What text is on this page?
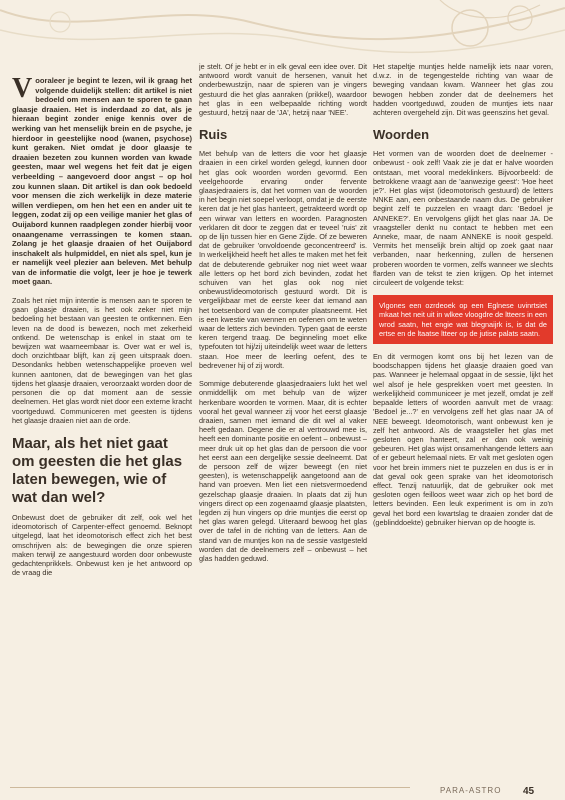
Vooraleer je begint te lezen, wil ik graag het volgende duidelijk stellen: dit artikel is niet bedoeld om mensen aan te sporen te gaan glaasje draaien. Het is inderdaad zo dat, als je hieraan begint zonder enige kennis over de werking van het menselijk brein en de psyche, je hierdoor in geestelijke nood (wanen, psychose) kunt geraken. Niet omdat je door glaasje te draaien bezeten zou kunnen worden van kwade geesten, maar wel wegens het feit dat je eigen verbeelding – aangevoerd door angst – op hol zou kunnen slaan. Dit artikel is dan ook bedoeld voor mensen die zich werkelijk in deze materie willen verdiepen, om hen het een en ander uit te leggen, zodat zij op een veilige manier het glas of Ouijabord kunnen raadplegen zonder hierbij voor onaangename verrassingen te komen staan. Zolang je het glaasje draaien of het Ouijabord inschakelt als hulpmiddel, en niet als spel, kun je er namelijk veel plezier aan beleven. Met behulp van de informatie die volgt, leer je hoe je tewerk moet gaan.

Zoals het niet mijn intentie is mensen aan te sporen te gaan glaasje draaien, is het ook zeker niet mijn bedoeling het bestaan van geesten te ontkennen. Een leven na de dood is bewezen, noch met zekerheid ontkend. De wetenschap is enkel in staat om te bewijzen wat waarneembaar is. Over wat er wel is, doch onzichtbaar blijft, kan zij geen uitspraak doen. Desondanks hebben wetenschappelijke proeven wel kunnen aantonen, dat de bewegingen van het glas tijdens het glaasje draaien, veroorzaakt worden door de personen die op dat moment aan de sessie deelnemen. Het glas wordt niet door een externe kracht voortgeduwd. Communiceren met geesten is tijdens het glaasje draaien niet aan de orde.

Maar, als het niet gaat om geesten die het glas laten bewegen, wie of wat dan wel?

Onbewust doet de gebruiker dit zelf, ook wel het ideomotorisch of Carpenter-effect genoemd. Beknopt uitgelegd, laat het ideomotorisch effect zich het best omschrijven als: de bewegingen die onze spieren maken terwijl ze aangestuurd worden door onbewuste gedachtenprikkels. Onbewust ken je het antwoord op de vraag die

je stelt. Of je hebt er in elk geval een idee over. Dit antwoord wordt vanuit de hersenen, vanuit het onderbewustzijn, naar de spieren van je vingers gestuurd die het glas aanraken (prikkel), waardoor het glas in een welbepaalde richting wordt gestuurd, hetzij naar de 'JA', hetzij naar 'NEE'.

Ruis

Met behulp van de letters die voor het glaasje draaien in een cirkel worden gelegd, kunnen door het glas ook woorden worden gevormd. Een veelgehoorde ervaring onder fervente glaasjedraaiers is, dat het vormen van de woorden in het begin niet soepel verloopt, omdat je de eerste keren dat je het glas hanteert, getrakteerd wordt op een wirwar van letters en woorden. Paragnosten verklaren dit door te zeggen dat er teveel 'ruis' zit op de lijn tussen hier en Gene Zijde. Of ze beweren dat de gebruiker 'onvoldoende geconcentreerd' is. In werkelijkheid heeft het alles te maken met het feit dat de debuterende gebruiker nog niet weet waar alle letters op het bord zich bevinden, zodat het schuiven van het glas ook nog niet onbewust/ideomotorisch gestuurd wordt. Dit is vergelijkbaar met de eerste keer dat iemand aan het toetsenbord van de computer plaatsneemt. Het is een kwestie van wennen en oefenen om te weten waar de letters zich bevinden. Typen gaat de eerste keren tergend traag. De beginneling moet elke typefouten tot hij/zij uiteindelijk weet waar de letters staan. Hoe meer de leerling oefent, des te bedrevener hij of zij wordt.

Sommige debuterende glaasjedraaiers lukt het wel onmiddellijk om met behulp van de wijzer herkenbare woorden te vormen. Maar, dit is echter vooral het geval wanneer zij voor het eerst glaasje draaien, samen met iemand die dit wel al vaker heeft gedaan. Degene die er al vertrouwd mee is, heeft een dominante positie en oefent – onbewust – meer druk uit op het glas dan de persoon die voor het eerst aan een dergelijke sessie deelneemt. Dat de persoon zelf de wijzer beweegt (en niet geesten), is wetenschappelijk aangetoond aan de hand van proeven. Men liet een nietsvermoedend gezelschap glaasje draaien. In plaats dat zij hun vingers direct op een zogenaamd glaasje plaatsten, legden zij hun vingers op drie muntjes die eerst op het glas waren gelegd. Uiteraard bewoog het glas over de tafel in de richting van de letters. Aan de stand van de muntjes kon na de sessie vastgesteld worden dat de deelnemers zelf – onbewust – het glas hadden geduwd.

Het stapeltje muntjes helde namelijk iets naar voren, d.w.z. in de tegengestelde richting van waar de beweging vandaan kwam. Wanneer het glas zou bewogen hebben zonder dat de deelnemers het hadden voortgeduwd, zouden de muntjes iets naar achteren overgeheld zijn. Dit was geenszins het geval.

Woorden

Het vormen van de woorden doet de deelnemer - onbewust - ook zelf! Vaak zie je dat er halve woorden ontstaan, met vooral medeklinkers. Bijvoorbeeld: de betrokkene vraagt aan de 'aanwezige geest': 'Hoe heet je?'. Het glas wijst (ideomotorisch gestuurd) de letters NNKE aan, een onbestaande naam dus. De gebruiker begint zelf te puzzelen en vraagt dan: 'Bedoel je ANNEKE?'. En vervolgens glijdt het glas naar JA. De vraagsteller denkt nu contact te hebben met een Anneke, maar, de naam ANNEKE is nooit gespeld. Vermits het menselijk brein altijd op zoek gaat naar verbanden, naar herkenning, zullen de hersenen proberen woorden te vormen, zelfs wanneer we slechts flarden van de tekst te zien krijgen. Op het internet circuleert de volgende tekst:

Vlgones een ozrdeoek op een Eglnese uvinrtsiet mkaat het neit uit in wlkee vloogdre de ltteers in een wrod saatn, het engie wat blegnaijrk is, is dat de ertse en de ltaatse ltteer op de jutise palats saatn.

En dit vermogen komt ons bij het lezen van de boodschappen tijdens het glaasje draaien goed van pas. Wanneer je helemaal opgaat in de sessie, lijkt het wel alsof je hele gesprekken voert met geesten. In werkelijkheid communiceer je met jezelf, omdat je zelf bepaalde letters of woorden aanvult met de vraag: 'Bedoel je...?' en vervolgens zelf het glas naar JA of NEE beweegt. Ideomotorisch, want onbewust ken je zelf het antwoord. Als de vraagsteller het glas met gesloten ogen hanteert, zal er dan ook weinig gebeuren. Het glas wijst onsamenhangende letters aan of er gebeurt helemaal niets. Er valt met gesloten ogen voor het brein immers niet te puzzelen en dus is er in dat geval ook geen sprake van het ideomotorisch effect. Tenzij natuurlijk, dat de gebruiker ook met gesloten ogen feilloos weet waar zich op het bord de letters bevinden. Een leuk experiment is om in zo'n geval het bord een kwartslag te draaien zonder dat de (geblinddoekte) gebruiker hiervan op de hoogte is.

PARA-ASTRO 45
